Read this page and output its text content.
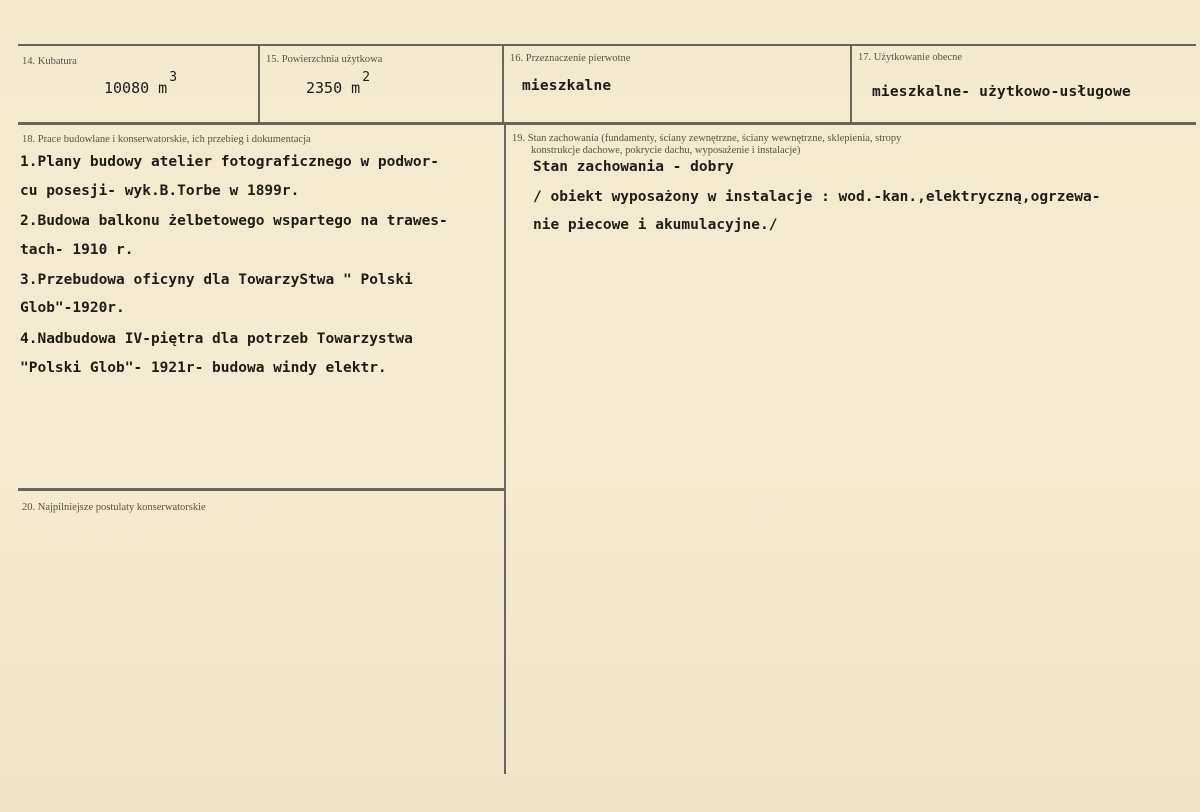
14. Kubatura
10080 $m^3$
15. Powierzchnia użytkowa
2350 $m^2$
16. Przeznaczenie pierwotne
mieszkalne
17. Użytkowanie obecne
mieszkalne- użytkowo-usługowe
18. Prace budowlane i konserwatorskie, ich przebieg i dokumentacja
1.Plany budowy atelier fotograficznego w podwor-
cu posesji- wyk.B.Torbe w 1899r.
2.Budowa balkonu żelbetowego wspartego na trawes-
tach- 1910 r.
3.Przebudowa oficyny dla TowarzyStwa " Polski
Glob"-1920r.
4.Nadbudowa IV-piętra dla potrzeb Towarzystwa
"Polski Glob"- 1921r- budowa windy elektr.
19. Stan zachowania (fundamenty, ściany zewnętrzne, ściany wewnętrzne, sklepienia, stropy
konstrukcje dachowe, pokrycie dachu, wyposażenie i instalacje)
Stan zachowania - dobry
/ obiekt wyposażony w instalacje : wod.-kan.,elektryczną,ogrzewa-
nie piecowe i akumulacyjne./
20. Najpilniejsze postulaty konserwatorskie
